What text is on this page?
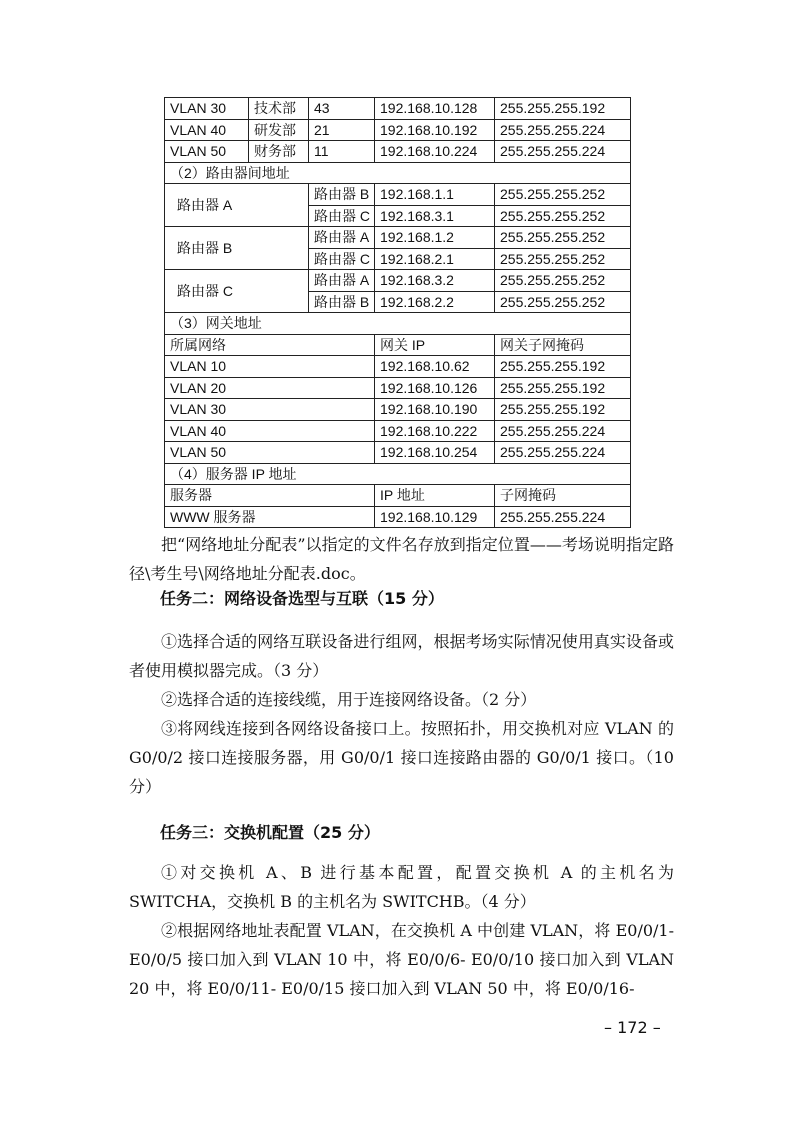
VLAN 30	技术部	43	192.168.10.128	255.255.255.192
VLAN 40	研发部	21	192.168.10.192	255.255.255.224
VLAN 50	财务部	11	192.168.10.224	255.255.255.224
（2）路由器间地址				
路由器 A		路由器 B	192.168.1.1	255.255.255.252
		路由器 C	192.168.3.1	255.255.255.252
路由器 B		路由器 A	192.168.1.2	255.255.255.252
		路由器 C	192.168.2.1	255.255.255.252
路由器 C		路由器 A	192.168.3.2	255.255.255.252
		路由器 B	192.168.2.2	255.255.255.252
（3）网关地址				
所属网络			网关 IP	网关子网掩码
VLAN 10			192.168.10.62	255.255.255.192
VLAN 20			192.168.10.126	255.255.255.192
VLAN 30			192.168.10.190	255.255.255.192
VLAN 40			192.168.10.222	255.255.255.224
VLAN 50			192.168.10.254	255.255.255.224
（4）服务器 IP 地址				
服务器			IP 地址	子网掩码
WWW 服务器			192.168.10.129	255.255.255.224
把“网络地址分配表”以指定的文件名存放到指定位置——考场说明指定路径\考生号\网络地址分配表.doc。
任务二：网络设备选型与互联（15 分）
①选择合适的网络互联设备进行组网，根据考场实际情况使用真实设备或者使用模拟器完成。（3 分）
②选择合适的连接线缆，用于连接网络设备。（2 分）
③将网线连接到各网络设备接口上。按照拓扑，用交换机对应 VLAN 的 G0/0/2 接口连接服务器，用 G0/0/1 接口连接路由器的 G0/0/1 接口。（10 分）
任务三：交换机配置（25 分）
①对交换机 A、B 进行基本配置，配置交换机 A 的主机名为 SWITCHA，交换机 B 的主机名为 SWITCHB。（4 分）
②根据网络地址表配置 VLAN，在交换机 A 中创建 VLAN，将 E0/0/1- E0/0/5 接口加入到 VLAN 10 中，将 E0/0/6- E0/0/10 接口加入到 VLAN 20 中，将 E0/0/11- E0/0/15 接口加入到 VLAN 50 中，将 E0/0/16-
– 172 –
